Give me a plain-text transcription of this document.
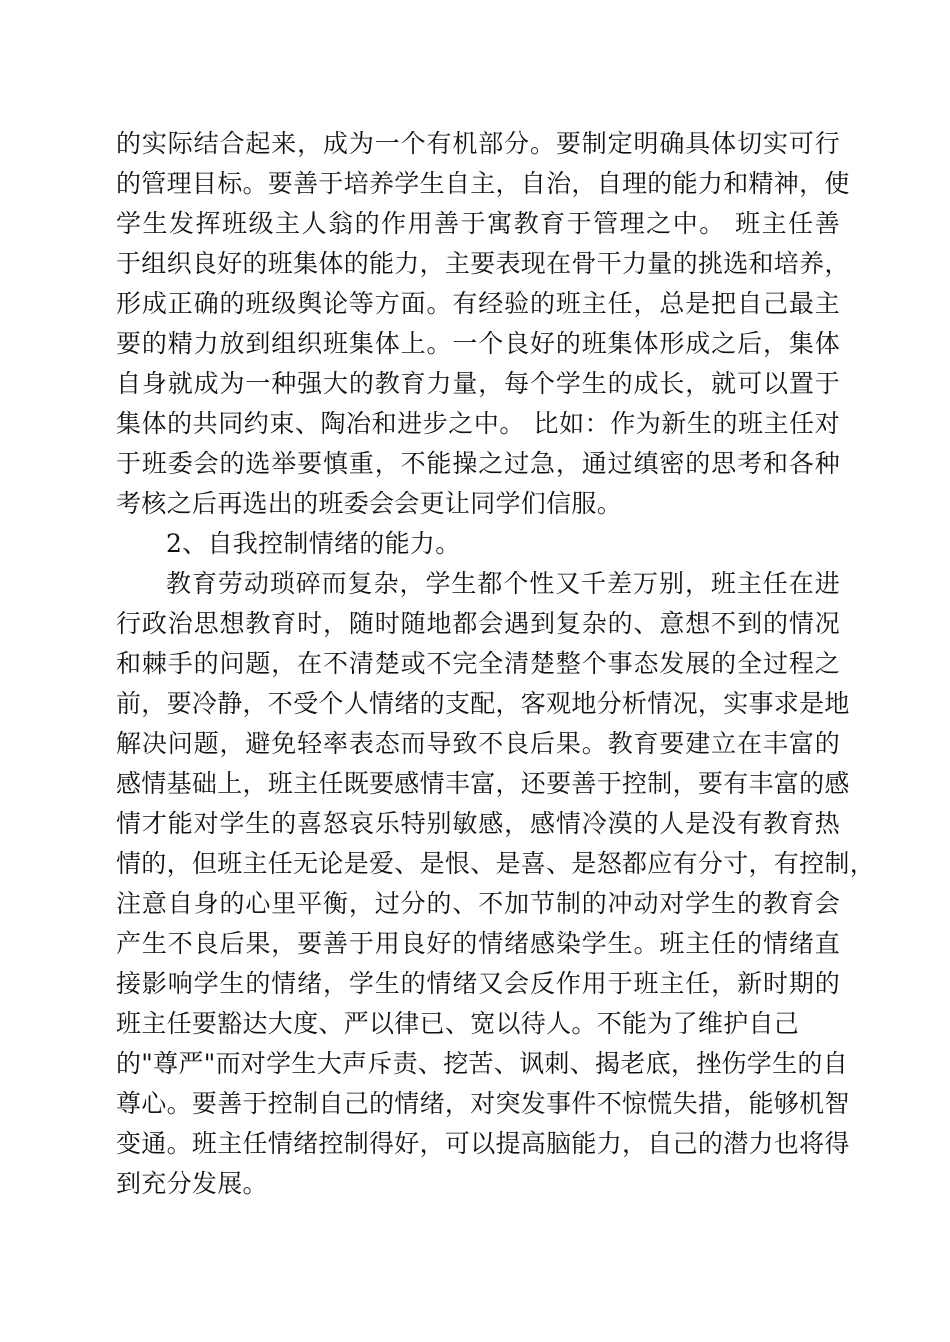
的实际结合起来，成为一个有机部分。要制定明确具体切实可行
的管理目标。要善于培养学生自主，自治，自理的能力和精神，使
学生发挥班级主人翁的作用善于寓教育于管理之中。 班主任善
于组织良好的班集体的能力，主要表现在骨干力量的挑选和培养，
形成正确的班级舆论等方面。有经验的班主任，总是把自己最主
要的精力放到组织班集体上。一个良好的班集体形成之后，集体
自身就成为一种强大的教育力量，每个学生的成长，就可以置于
集体的共同约束、陶冶和进步之中。 比如：作为新生的班主任对
于班委会的选举要慎重，不能操之过急，通过缜密的思考和各种
考核之后再选出的班委会会更让同学们信服。
2、自我控制情绪的能力。
教育劳动琐碎而复杂，学生都个性又千差万别，班主任在进
行政治思想教育时，随时随地都会遇到复杂的、意想不到的情况
和棘手的问题，在不清楚或不完全清楚整个事态发展的全过程之
前，要冷静，不受个人情绪的支配，客观地分析情况，实事求是地
解决问题，避免轻率表态而导致不良后果。教育要建立在丰富的
感情基础上，班主任既要感情丰富，还要善于控制，要有丰富的感
情才能对学生的喜怒哀乐特别敏感，感情冷漠的人是没有教育热
情的，但班主任无论是爱、是恨、是喜、是怒都应有分寸，有控制，
注意自身的心里平衡，过分的、不加节制的冲动对学生的教育会
产生不良后果，要善于用良好的情绪感染学生。班主任的情绪直
接影响学生的情绪，学生的情绪又会反作用于班主任，新时期的
班主任要豁达大度、严以律已、宽以待人。不能为了维护自己
的"尊严"而对学生大声斥责、挖苦、讽刺、揭老底，挫伤学生的自
尊心。要善于控制自己的情绪，对突发事件不惊慌失措，能够机智
变通。班主任情绪控制得好，可以提高脑能力，自己的潜力也将得
到充分发展。
